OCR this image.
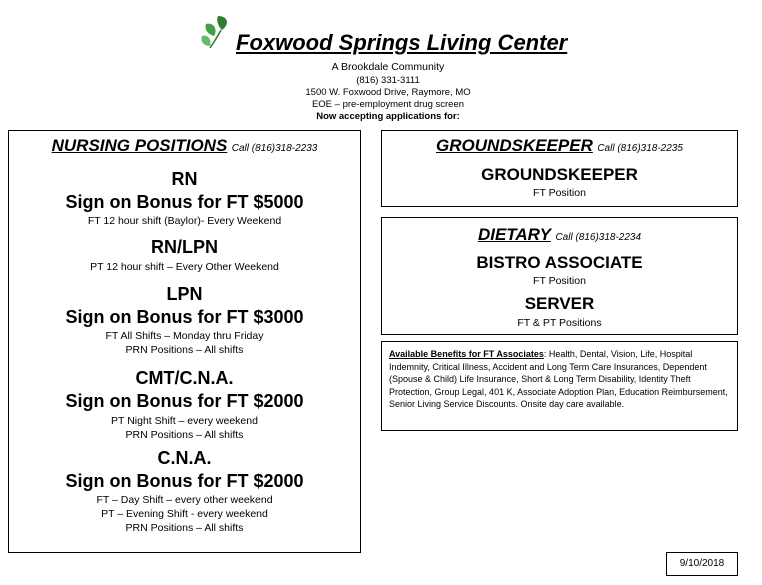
Foxwood Springs Living Center
A Brookdale Community
(816) 331-3111
1500 W. Foxwood Drive, Raymore, MO
EOE – pre-employment drug screen
Now accepting applications for:
NURSING POSITIONS Call (816)318-2233
RN
Sign on Bonus for FT $5000
FT 12 hour shift (Baylor)- Every Weekend
RN/LPN
PT 12 hour shift – Every Other Weekend
LPN
Sign on Bonus for FT $3000
FT All Shifts – Monday thru Friday
PRN Positions – All shifts
CMT/C.N.A.
Sign on Bonus for FT $2000
PT Night Shift – every weekend
PRN Positions – All shifts
C.N.A.
Sign on Bonus for FT $2000
FT – Day Shift – every other weekend
PT – Evening Shift - every weekend
PRN Positions – All shifts
GROUNDSKEEPER Call (816)318-2235
GROUNDSKEEPER
FT Position
DIETARY Call (816)318-2234
BISTRO ASSOCIATE
FT Position
SERVER
FT & PT Positions
Available Benefits for FT Associates: Health, Dental, Vision, Life, Hospital Indemnity, Critical Illness, Accident and Long Term Care Insurances, Dependent (Spouse & Child) Life Insurance, Short & Long Term Disability, Identity Theft Protection, Group Legal, 401 K, Associate Adoption Plan, Education Reimbursement, Senior Living Service Discounts. Onsite day care available.
9/10/2018
